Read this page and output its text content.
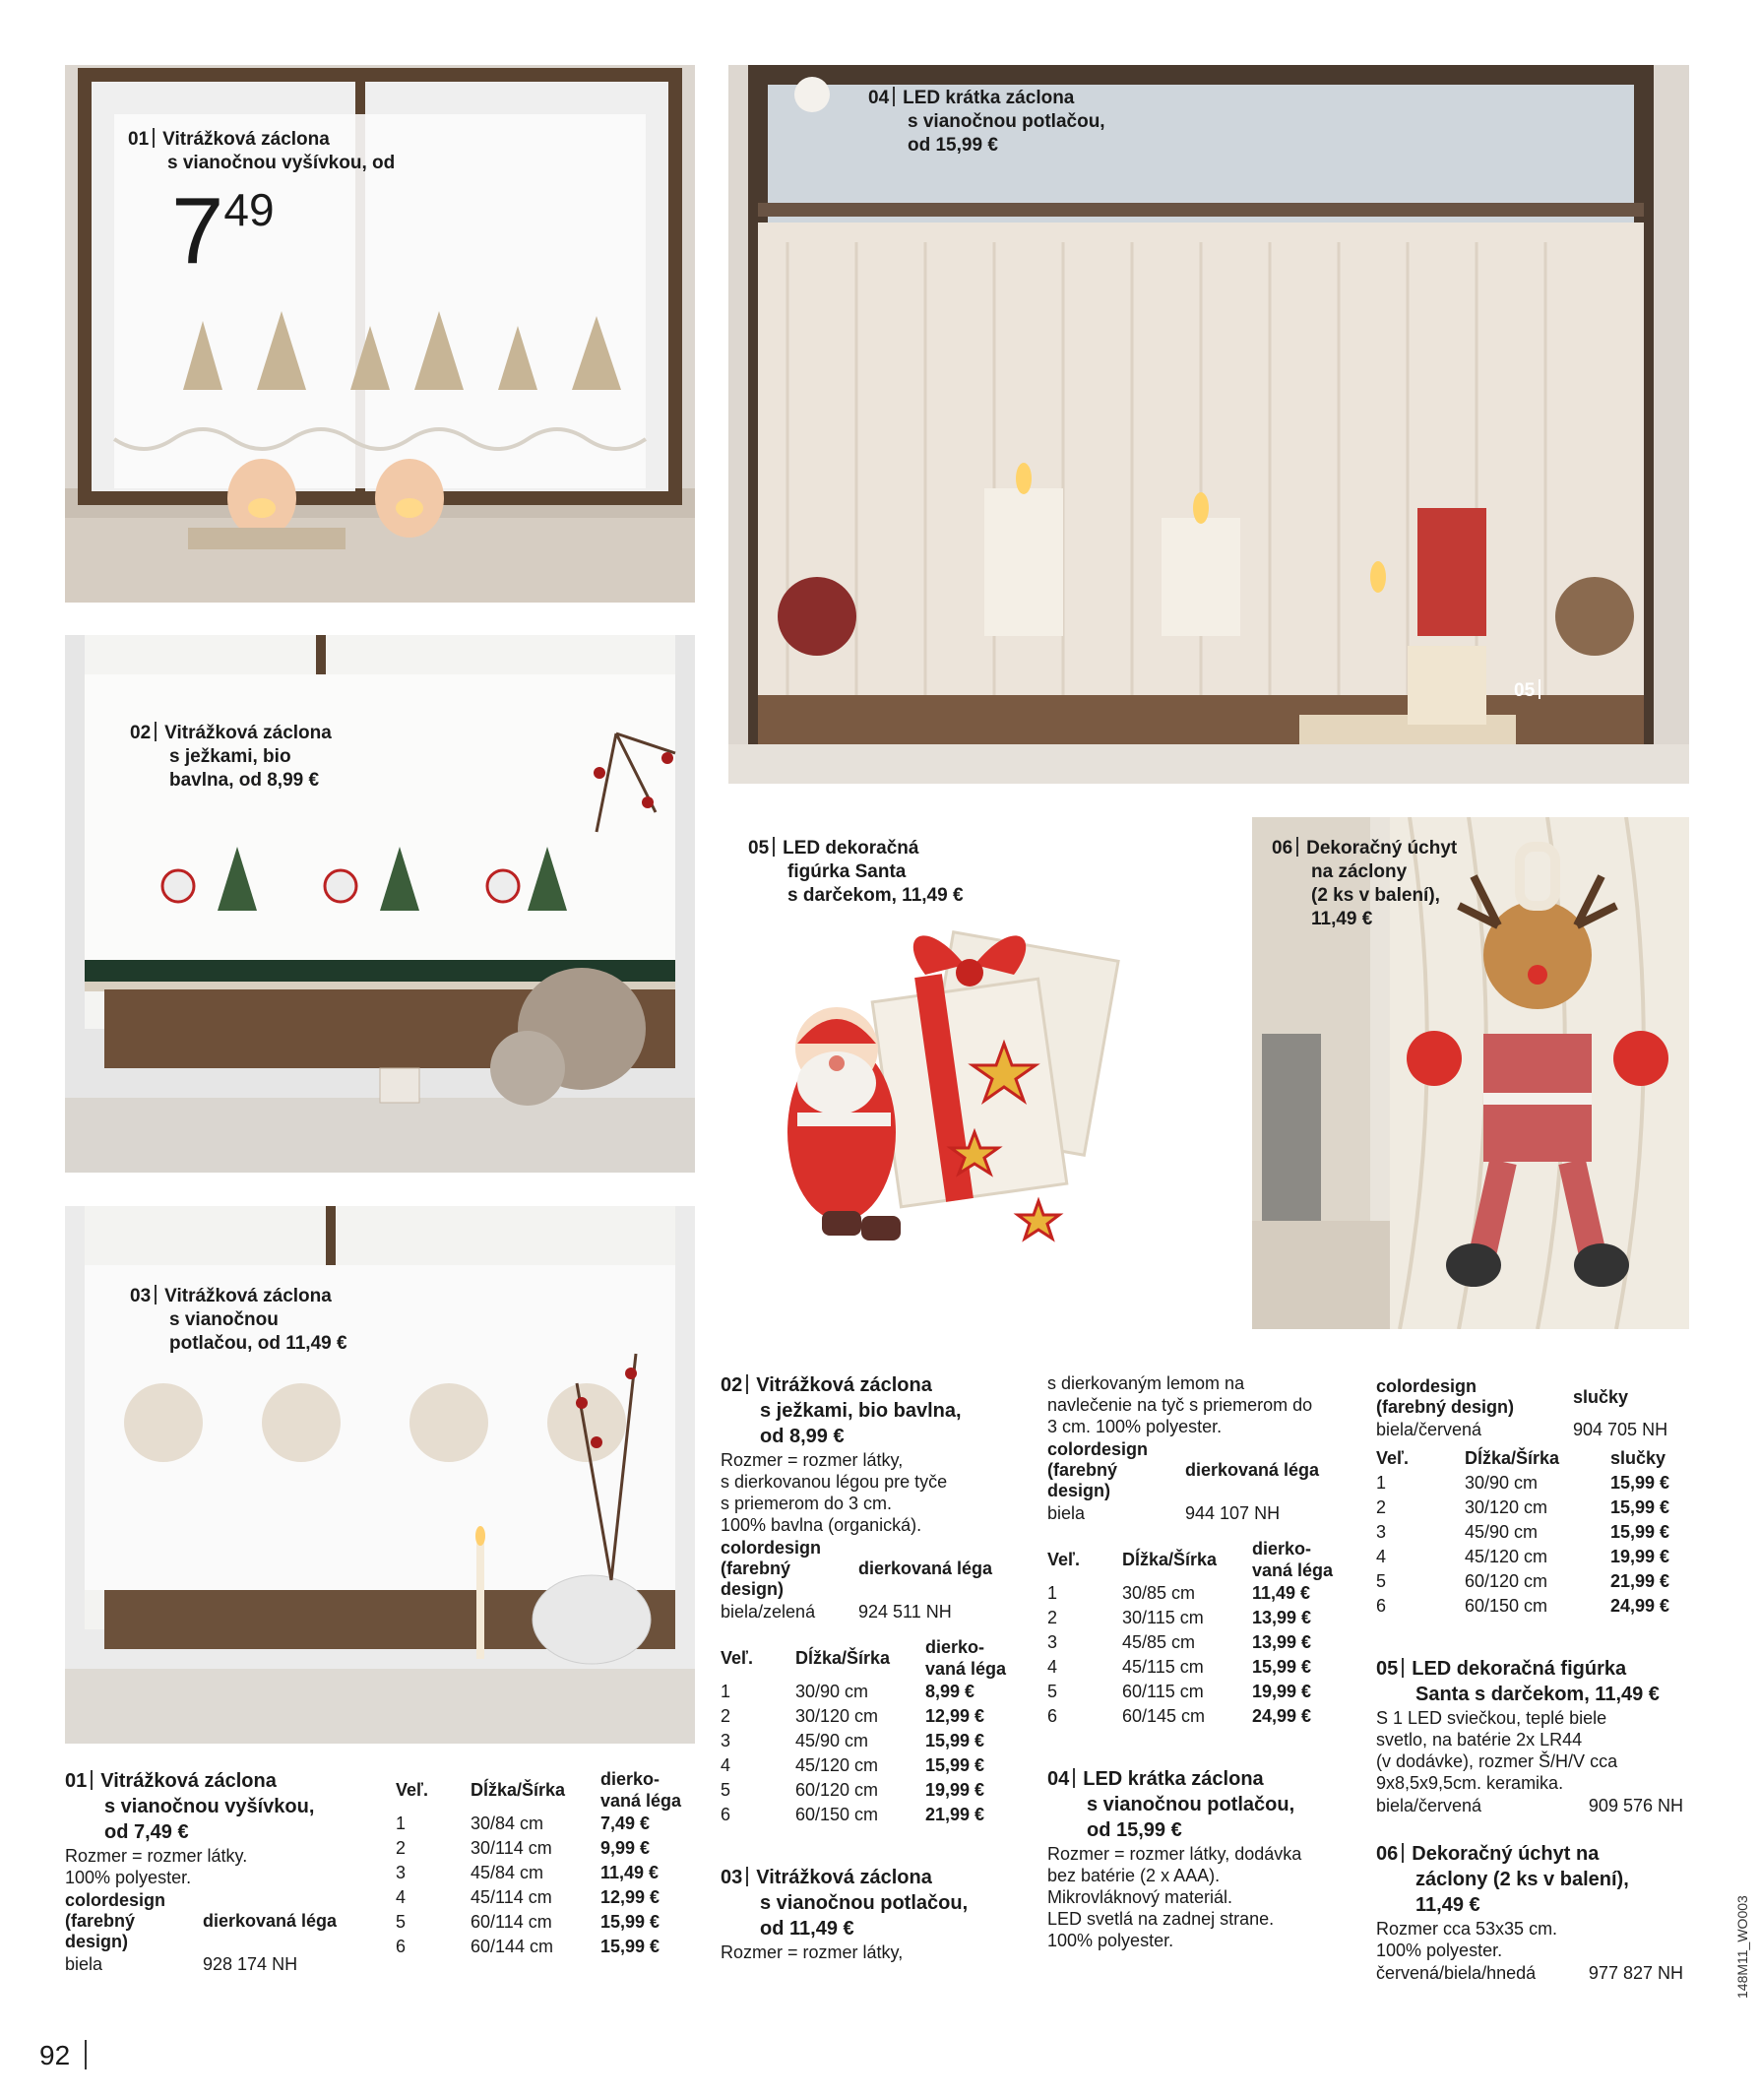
01 Vitrážková záclona
s vianočnou vyšívkou, od
749
02 Vitrážková záclona
s ježkami, bio
bavlna, od 8,99 €
03 Vitrážková záclona
s vianočnou
potlačou, od 11,49 €
04 LED krátka záclona
s vianočnou potlačou,
od 15,99 €
05
05 LED dekoračná
figúrka Santa
s darčekom, 11,49 €
06 Dekoračný úchyt
na záclony
(2 ks v balení),
11,49 €
01 Vitrážková záclona
s vianočnou vyšívkou,
od 7,49 €
Rozmer = rozmer látky.
100% polyester.
colordesign
(farebný
design)	dierkovaná léga
biela	928 174 NH
Veľ.	Dĺžka/Šírka	dierko-
vaná léga

1	30/84 cm	7,49 €
2	30/114 cm	9,99 €
3	45/84 cm	11,49 €
4	45/114 cm	12,99 €
5	60/114 cm	15,99 €
6	60/144 cm	15,99 €
02 Vitrážková záclona
s ježkami, bio bavlna,
od 8,99 €
Rozmer = rozmer látky,
s dierkovanou légou pre tyče
s priemerom do 3 cm.
100% bavlna (organická).
colordesign
(farebný
design)	dierkovaná léga
biela/zelená	924 511 NH
Veľ.	Dĺžka/Šírka	dierko-
vaná léga

1	30/90 cm	8,99 €
2	30/120 cm	12,99 €
3	45/90 cm	15,99 €
4	45/120 cm	15,99 €
5	60/120 cm	19,99 €
6	60/150 cm	21,99 €
03 Vitrážková záclona
s vianočnou potlačou,
od 11,49 €
Rozmer = rozmer látky,
s dierkovaným lemom na
navlečenie na tyč s priemerom do
3 cm. 100% polyester.
colordesign
(farebný
design)	dierkovaná léga
biela	944 107 NH
Veľ.	Dĺžka/Šírka	dierko-
vaná léga

1	30/85 cm	11,49 €
2	30/115 cm	13,99 €
3	45/85 cm	13,99 €
4	45/115 cm	15,99 €
5	60/115 cm	19,99 €
6	60/145 cm	24,99 €
04 LED krátka záclona
s vianočnou potlačou,
od 15,99 €
Rozmer = rozmer látky, dodávka
bez batérie (2 x AAA).
Mikrovláknový materiál.
LED svetlá na zadnej strane.
100% polyester.
colordesign
(farebný design)	slučky
biela/červená	904 705 NH
Veľ.	Dĺžka/Šírka	slučky
1	30/90 cm	15,99 €
2	30/120 cm	15,99 €
3	45/90 cm	15,99 €
4	45/120 cm	19,99 €
5	60/120 cm	21,99 €
6	60/150 cm	24,99 €
05 LED dekoračná figúrka
Santa s darčekom, 11,49 €
S 1 LED sviečkou, teplé biele
svetlo, na batérie 2x LR44
(v dodávke), rozmer Š/H/V cca
9x8,5x9,5cm. keramika.
biela/červená	909 576 NH
06 Dekoračný úchyt na
záclony (2 ks v balení),
11,49 €
Rozmer cca 53x35 cm.
100% polyester.
červená/biela/hnedá	977 827 NH
92
148M11_WO003
